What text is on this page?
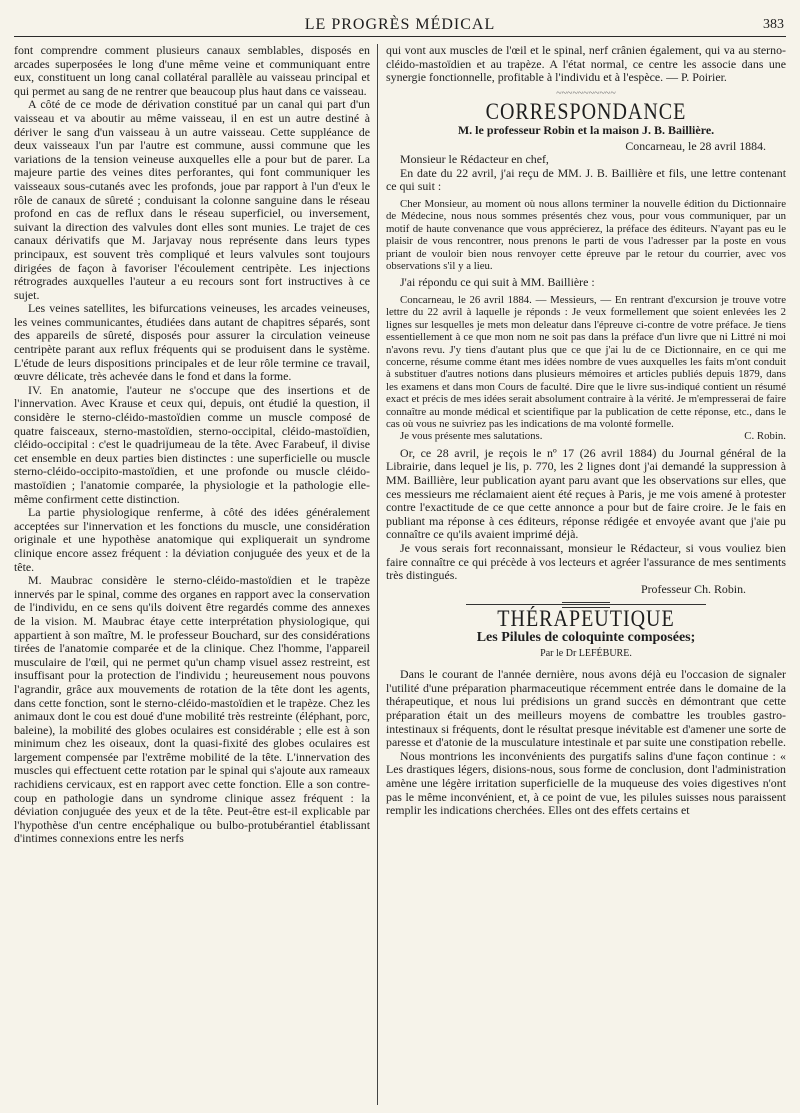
LE PROGRÈS MÉDICAL	383

font comprendre comment plusieurs canaux semblables, disposés en arcades superposées le long d'une même veine et communiquant entre eux, constituent un long canal collatéral parallèle au vaisseau principal et qui permet au sang de ne rentrer que beaucoup plus haut dans ce vaisseau.

A côté de ce mode de dérivation constitué par un canal qui part d'un vaisseau et va aboutir au même vaisseau, il en est un autre destiné à dériver le sang d'un vaisseau à un autre vaisseau. Cette suppléance de deux vaisseaux l'un par l'autre est commune, aussi commune que les variations de la tension veineuse auxquelles elle a pour but de parer. La majeure partie des veines dites perforantes, qui font communiquer les vaisseaux sous-cutanés avec les profonds, joue par rapport à l'un d'eux le rôle de canaux de sûreté ; conduisant la colonne sanguine dans le réseau profond en cas de reflux dans le réseau superficiel, ou inversement, suivant la direction des valvules dont elles sont munies. Le trajet de ces canaux dérivatifs que M. Jarjavay nous représente dans leurs types principaux, est souvent très compliqué et leurs valvules sont toujours dirigées de façon à favoriser l'écoulement centripète. Les injections rétrogrades auxquelles l'auteur a eu recours sont fort instructives à ce sujet.

Les veines satellites, les bifurcations veineuses, les arcades veineuses, les veines communicantes, étudiées dans autant de chapitres séparés, sont des appareils de sûreté, disposés pour assurer la circulation veineuse centripète parant aux reflux fréquents qui se produisent dans le système. L'étude de leurs dispositions principales et de leur rôle termine ce travail, œuvre délicate, très achevée dans le fond et dans la forme.

IV. En anatomie, l'auteur ne s'occupe que des insertions et de l'innervation. Avec Krause et ceux qui, depuis, ont étudié la question, il considère le sterno-cléido-mastoïdien comme un muscle composé de quatre faisceaux, sterno-mastoïdien, sterno-occipital, cléido-mastoïdien, cléido-occipital : c'est le quadrijumeau de la tête. Avec Farabeuf, il divise cet ensemble en deux parties bien distinctes : une superficielle ou muscle sterno-cléido-occipito-mastoïdien, et une profonde ou muscle cléido-mastoïdien ; l'anatomie comparée, la physiologie et la pathologie elle-même confirment cette distinction.

La partie physiologique renferme, à côté des idées généralement acceptées sur l'innervation et les fonctions du muscle, une considération originale et une hypothèse anatomique qui expliquerait un syndrome clinique encore assez fréquent : la déviation conjuguée des yeux et de la tête.

M. Maubrac considère le sterno-cléido-mastoïdien et le trapèze innervés par le spinal, comme des organes en rapport avec la conservation de l'individu, en ce sens qu'ils doivent être regardés comme des annexes de la vision. M. Maubrac étaye cette interprétation physiologique, qui appartient à son maître, M. le professeur Bouchard, sur des considérations tirées de l'anatomie comparée et de la clinique. Chez l'homme, l'appareil musculaire de l'œil, qui ne permet qu'un champ visuel assez restreint, est insuffisant pour la protection de l'individu ; heureusement nous pouvons l'agrandir, grâce aux mouvements de rotation de la tête dont les agents, dans cette fonction, sont le sterno-cléido-mastoïdien et le trapèze. Chez les animaux dont le cou est doué d'une mobilité très restreinte (éléphant, porc, baleine), la mobilité des globes oculaires est considérable ; elle est à son minimum chez les oiseaux, dont la quasi-fixité des globes oculaires est largement compensée par l'extrême mobilité de la tête. L'innervation des muscles qui effectuent cette rotation par le spinal qui s'ajoute aux rameaux rachidiens cervicaux, est en rapport avec cette fonction. Elle a son contre-coup en pathologie dans un syndrome clinique assez fréquent : la déviation conjuguée des yeux et de la tête. Peut-être est-il explicable par l'hypothèse d'un centre encéphalique ou bulbo-protubérantiel établissant d'intimes connexions entre les nerfs

qui vont aux muscles de l'œil et le spinal, nerf crânien également, qui va au sterno-cléido-mastoïdien et au trapèze. A l'état normal, ce centre les associe dans une synergie fonctionnelle, profitable à l'individu et à l'espèce. — P. Poirier.

~~~~~~~~~~~
CORRESPONDANCE
M. le professeur Robin et la maison J. B. Baillière.
Concarneau, le 28 avril 1884.

Monsieur le Rédacteur en chef,

En date du 22 avril, j'ai reçu de MM. J. B. Baillière et fils, une lettre contenant ce qui suit :

Cher Monsieur, au moment où nous allons terminer la nouvelle édition du Dictionnaire de Médecine, nous nous sommes présentés chez vous, pour vous communiquer, par un motif de haute convenance que vous apprécierez, la préface des éditeurs. N'ayant pas eu le plaisir de vous rencontrer, nous prenons le parti de vous l'adresser par la poste en vous priant de vouloir bien nous renvoyer cette épreuve par le retour du courrier, avec vos observations s'il y a lieu.

J'ai répondu ce qui suit à MM. Baillière :

Concarneau, le 26 avril 1884. — Messieurs, — En rentrant d'excursion je trouve votre lettre du 22 avril à laquelle je réponds : Je veux formellement que soient enlevées les 2 lignes sur lesquelles je mets mon deleatur dans l'épreuve ci-contre de votre préface. Je tiens essentiellement à ce que mon nom ne soit pas dans la préface d'un livre que ni Littré ni moi n'avons revu. J'y tiens d'autant plus que ce que j'ai lu de ce Dictionnaire, en ce qui me concerne, résume comme étant mes idées nombre de vues auxquelles les faits m'ont conduit à substituer d'autres notions dans plusieurs mémoires et articles publiés depuis 1879, dans les examens et dans mon Cours de faculté. Dire que le livre sus-indiqué contient un résumé exact et précis de mes idées serait absolument contraire à la vérité. Je m'empresserai de faire connaître au monde médical et scientifique par la publication de cette réponse, etc., dans le cas où vous ne suivriez pas les indications de ma volonté formelle.

Je vous présente mes salutations.	C. Robin.

Or, ce 28 avril, je reçois le nº 17 (26 avril 1884) du Journal général de la Librairie, dans lequel je lis, p. 770, les 2 lignes dont j'ai demandé la suppression à MM. Baillière, leur publication ayant paru avant que les observations sur elles, que ces messieurs me réclamaient aient été reçues à Paris, je me vois amené à protester contre l'exactitude de ce que cette annonce a pour but de faire croire. Je le fais en publiant ma réponse à ces éditeurs, réponse rédigée et envoyée avant que j'aie pu connaître ce qu'ils avaient imprimé déjà.

Je vous serais fort reconnaissant, monsieur le Rédacteur, si vous vouliez bien faire connaître ce qui précède à vos lecteurs et agréer l'assurance de mes sentiments très distingués.

Professeur Ch. Robin.
THÉRAPEUTIQUE
Les Pilules de coloquinte composées;
Par le Dr LEFÉBURE.

Dans le courant de l'année dernière, nous avons déjà eu l'occasion de signaler l'utilité d'une préparation pharmaceutique récemment entrée dans le domaine de la thérapeutique, et nous lui prédisions un grand succès en démontrant que cette préparation était un des meilleurs moyens de combattre les troubles gastro-intestinaux si fréquents, dont le résultat presque inévitable est d'amener une sorte de paresse et d'atonie de la musculature intestinale et par suite une constipation rebelle.

Nous montrions les inconvénients des purgatifs salins d'une façon continue : « Les drastiques légers, disions-nous, sous forme de conclusion, dont l'administration amène une légère irritation superficielle de la muqueuse des voies digestives n'ont pas le même inconvénient, et, à ce point de vue, les pilules suisses nous paraissent remplir les indications cherchées. Elles ont des effets certains et
